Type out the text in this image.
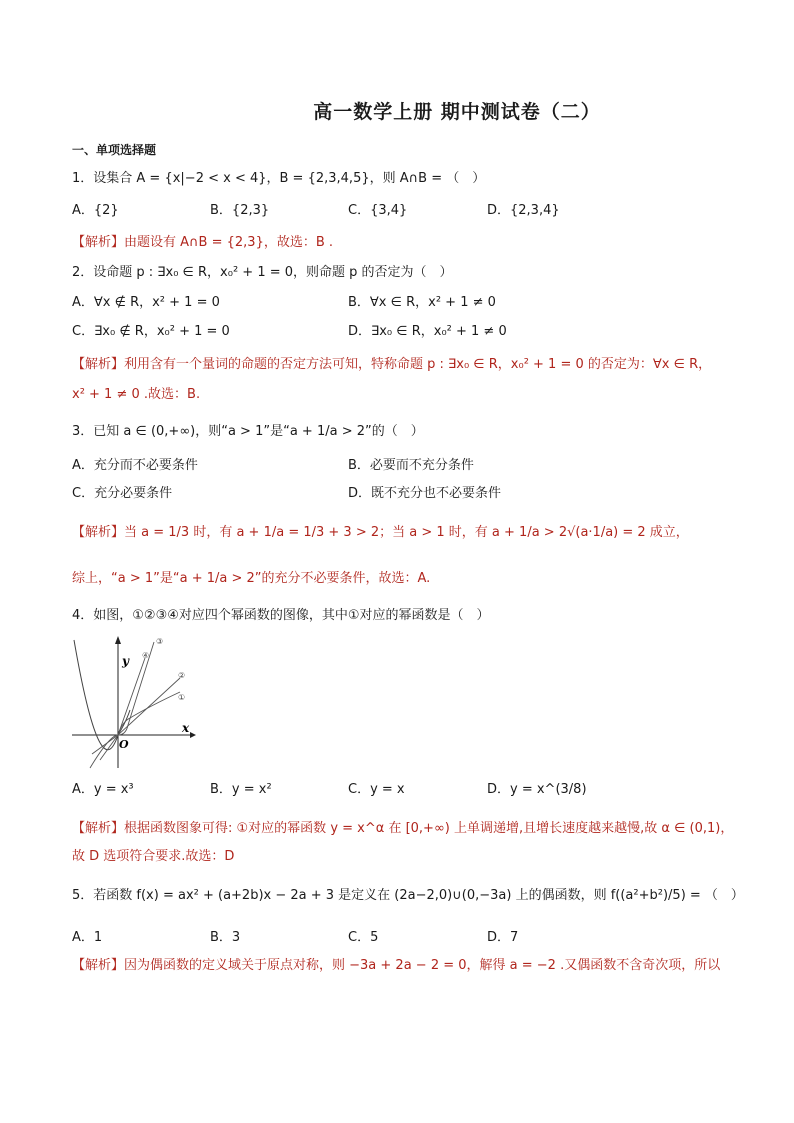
高一数学上册 期中测试卷（二）
一、单项选择题
1．设集合 A = {x|−2 < x < 4}，B = {2,3,4,5}，则 A∩B = （　）
A．{2}	B．{2,3}	C．{3,4}	D．{2,3,4}
【解析】由题设有 A∩B = {2,3}，故选：B .
2．设命题 p : ∃x₀ ∈ R，x₀² + 1 = 0，则命题 p 的否定为（　）
A．∀x ∉ R，x² + 1 = 0	B．∀x ∈ R，x² + 1 ≠ 0
C．∃x₀ ∉ R，x₀² + 1 = 0	D．∃x₀ ∈ R，x₀² + 1 ≠ 0
【解析】利用含有一个量词的命题的否定方法可知，特称命题 p : ∃x₀ ∈ R，x₀² + 1 = 0 的否定为：∀x ∈ R，
x² + 1 ≠ 0 .故选：B.
3．已知 a ∈ (0,+∞)，则“a > 1”是“a + 1/a > 2”的（　）
A．充分而不必要条件	B．必要而不充分条件
C．充分必要条件	D．既不充分也不必要条件
【解析】当 a = 1/3 时，有 a + 1/a = 1/3 + 3 > 2；当 a > 1 时，有 a + 1/a > 2√(a·1/a) = 2 成立，
综上，“a > 1”是“a + 1/a > 2”的充分不必要条件，故选：A.
4．如图，①②③④对应四个幂函数的图像，其中①对应的幂函数是（　）
y
x
O
③
④
②
①
A．y = x³	B．y = x²	C．y = x	D．y = x^(3/8)
【解析】根据函数图象可得: ①对应的幂函数 y = x^α 在 [0,+∞) 上单调递增,且增长速度越来越慢,故 α ∈ (0,1)，
故 D 选项符合要求.故选：D
5．若函数 f(x) = ax² + (a+2b)x − 2a + 3 是定义在 (2a−2,0)∪(0,−3a) 上的偶函数，则 f((a²+b²)/5) = （　）
A．1	B．3	C．5	D．7
【解析】因为偶函数的定义域关于原点对称，则 −3a + 2a − 2 = 0，解得 a = −2 .又偶函数不含奇次项，所以
